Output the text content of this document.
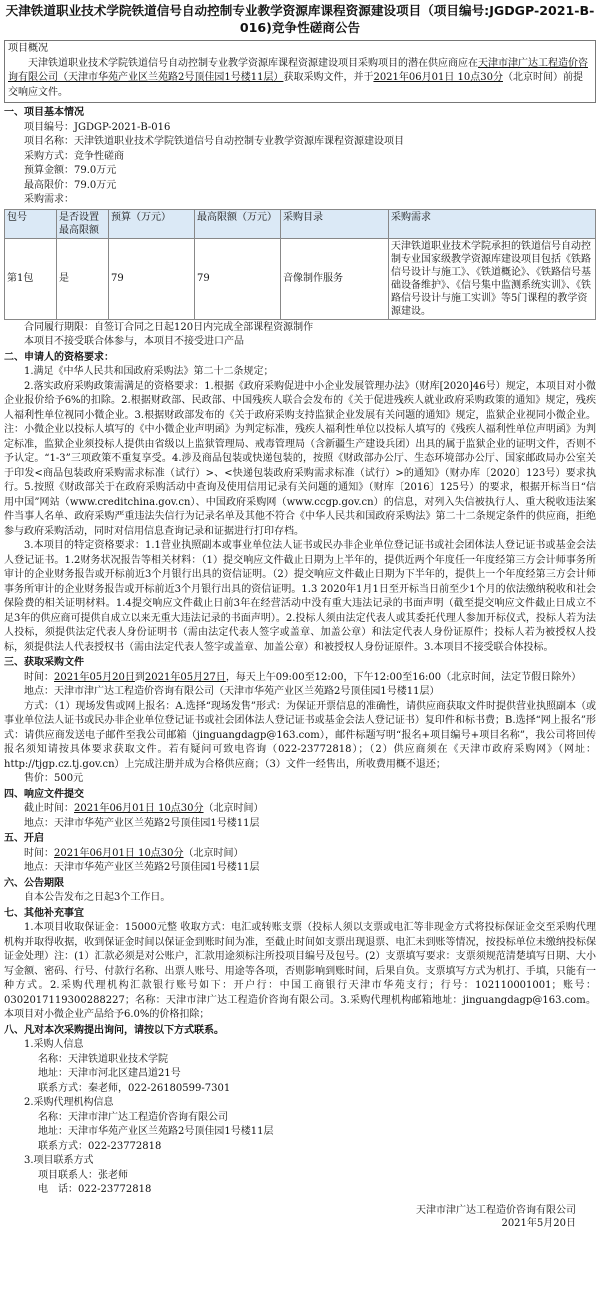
天津铁道职业技术学院铁道信号自动控制专业教学资源库课程资源建设项目（项目编号:JGDGP-2021-B-016)竞争性磋商公告
项目概况

天津铁道职业技术学院铁道信号自动控制专业教学资源库课程资源建设项目采购项目的潜在供应商应在天津市津广达工程造价咨询有限公司（天津市华苑产业区兰苑路2号顶佳园1号楼11层）获取采购文件，并于2021年06月01日 10点30分（北京时间）前提交响应文件。

一、项目基本情况
项目编号：JGDGP-2021-B-016
项目名称：天津铁道职业技术学院铁道信号自动控制专业教学资源库课程资源建设项目
采购方式：竞争性磋商
预算金额：79.0万元
最高限价：79.0万元
采购需求：
包号	是否设置最高限额	预算（万元）	最高限额（万元）	采购目录	采购需求
第1包	是	79	79	音像制作服务	天津铁道职业技术学院承担的铁道信号自动控制专业国家级教学资源库建设项目包括《铁路信号设计与施工》、《铁道概论》、《铁路信号基础设备维护》、《信号集中监测系统实训》、《铁路信号设计与施工实训》等5门课程的教学资源建设。
合同履行期限：自签订合同之日起120日内完成全部课程资源制作
本项目不接受联合体参与，本项目不接受进口产品
二、申请人的资格要求：

1.满足《中华人民共和国政府采购法》第二十二条规定；

2.落实政府采购政策需满足的资格要求：1.根据《政府采购促进中小企业发展管理办法》（财库[2020]46号）规定，本项目对小微企业报价给予6%的扣除。2.根据财政部、民政部、中国残疾人联合会发布的《关于促进残疾人就业政府采购政策的通知》规定，残疾人福利性单位视同小微企业。3.根据财政部发布的《关于政府采购支持监狱企业发展有关问题的通知》规定，监狱企业视同小微企业。注：小微企业以投标人填写的《中小微企业声明函》为判定标准，残疾人福利性单位以投标人填写的《残疾人福利性单位声明函》为判定标准，监狱企业须投标人提供由省级以上监狱管理局、戒毒管理局（含新疆生产建设兵团）出具的属于监狱企业的证明文件，否则不予认定。“1-3”三项政策不重复享受。4.涉及商品包装或快递包装的，按照《财政部办公厅、生态环境部办公厅、国家邮政局办公室关于印发<商品包装政府采购需求标准（试行）>、<快递包装政府采购需求标准（试行）>的通知》（财办库〔2020〕123号）要求执行。5.按照《财政部关于在政府采购活动中查询及使用信用记录有关问题的通知》（财库〔2016〕125号）的要求，根据开标当日“信用中国”网站（www.creditchina.gov.cn）、中国政府采购网（www.ccgp.gov.cn）的信息，对列入失信被执行人、重大税收违法案件当事人名单、政府采购严重违法失信行为记录名单及其他不符合《中华人民共和国政府采购法》第二十二条规定条件的供应商，拒绝参与政府采购活动，同时对信用信息查询记录和证据进行打印存档。

3.本项目的特定资格要求：1.1营业执照副本或事业单位法人证书或民办非企业单位登记证书或社会团体法人登记证书或基金会法人登记证书。1.2财务状况报告等相关材料：（1）提交响应文件截止日期为上半年的，提供近两个年度任一年度经第三方会计师事务所审计的企业财务报告或开标前近3个月银行出具的资信证明。（2）提交响应文件截止日期为下半年的，提供上一个年度经第三方会计师事务所审计的企业财务报告或开标前近3个月银行出具的资信证明。1.3 2020年1月1日至开标当日前至少1个月的依法缴纳税收和社会保险费的相关证明材料。1.4提交响应文件截止日前3年在经营活动中没有重大违法记录的书面声明（截至提交响应文件截止日成立不足3年的供应商可提供自成立以来无重大违法记录的书面声明）。2.投标人须由法定代表人或其委托代理人参加开标仪式，投标人若为法人投标，须提供法定代表人身份证明书（需由法定代表人签字或盖章、加盖公章）和法定代表人身份证原件；投标人若为被授权人投标，须提供法人代表授权书（需由法定代表人签字或盖章、加盖公章）和被授权人身份证原件。3.本项目不接受联合体投标。

三、获取采购文件

时间：2021年05月20日到2021年05月27日，每天上午09:00至12:00，下午12:00至16:00（北京时间，法定节假日除外）

地点：天津市津广达工程造价咨询有限公司（天津市华苑产业区兰苑路2号顶佳园1号楼11层）

方式：（1）现场发售或网上报名：A.选择“现场发售”形式：为保证开票信息的准确性，请供应商获取文件时提供营业执照副本（或事业单位法人证书或民办非企业单位登记证书或社会团体法人登记证书或基金会法人登记证书）复印件和标书费；B.选择“网上报名”形式：请供应商发送电子邮件至我公司邮箱（jinguangdagp@163.com），邮件标题写明“报名+项目编号+项目名称”，我公司将回传报名须知请按具体要求获取文件。若有疑问可致电咨询（022-23772818）；（2）供应商须在《天津市政府采购网》（网址：http://tjgp.cz.tj.gov.cn）上完成注册并成为合格供应商；（3）文件一经售出，所收费用概不退还；

售价：500元

四、响应文件提交

截止时间：2021年06月01日 10点30分（北京时间）

地点：天津市华苑产业区兰苑路2号顶佳园1号楼11层

五、开启

时间：2021年06月01日 10点30分（北京时间）

地点：天津市华苑产业区兰苑路2号顶佳园1号楼11层

六、公告期限

自本公告发布之日起3个工作日。

七、其他补充事宜

1.本项目收取保证金：15000元整 收取方式：电汇或转账支票（投标人须以支票或电汇等非现金方式将投标保证金交至采购代理机构并取得收据，收到保证金时间以保证金到账时间为准，至截止时间如支票出现退票、电汇未到账等情况，按投标单位未缴纳投标保证金处理）注：(1）汇款必须是对公账户，汇款用途须标注所投项目编号及包号。(2）支票填写要求：支票须规范清楚填写日期、大小写金额、密码、行号、付款行名称、出票人账号、用途等各项，否则影响到账时间，后果自负。支票填写方式为机打、手填，只能有一种方式。2.采购代理机构汇款银行账号如下：开户行：中国工商银行天津市华苑支行；行号：102110001001；账号：0302017119300288227；名称：天津市津广达工程造价咨询有限公司。3.采购代理机构邮箱地址：jinguangdagp@163.com。本项目对小微企业产品给予6.0%的价格扣除；

八、凡对本次采购提出询问，请按以下方式联系。
1.采购人信息
名称：天津铁道职业技术学院
地址：天津市河北区建昌道21号
联系方式：秦老师，022-26180599-7301
2.采购代理机构信息
名称：天津市津广达工程造价咨询有限公司
地址：天津市华苑产业区兰苑路2号顶佳园1号楼11层
联系方式：022-23772818
3.项目联系方式
项目联系人：张老师
电　话：022-23772818
天津市津广达工程造价咨询有限公司
2021年5月20日
